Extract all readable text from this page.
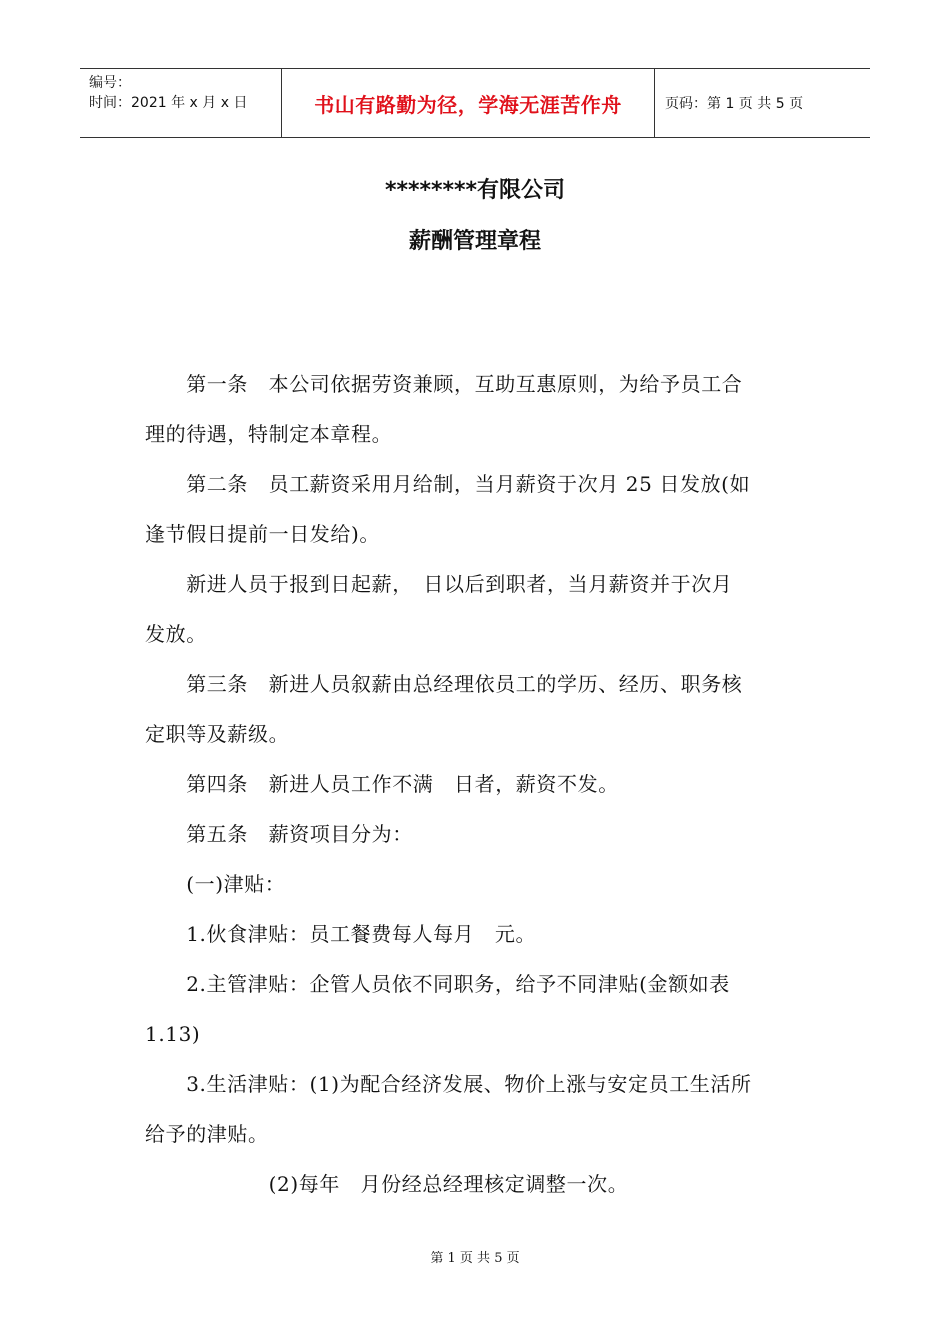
编号：
时间：2021 年 x 月 x 日	书山有路勤为径，学海无涯苦作舟	页码：第 1 页 共 5 页
********有限公司
薪酬管理章程
　　第一条　本公司依据劳资兼顾，互助互惠原则，为给予员工合
理的待遇，特制定本章程。
　　第二条　员工薪资采用月给制，当月薪资于次月 25 日发放(如
逢节假日提前一日发给)。
　　新进人员于报到日起薪，　日以后到职者，当月薪资并于次月
发放。
　　第三条　新进人员叙薪由总经理依员工的学历、经历、职务核
定职等及薪级。
　　第四条　新进人员工作不满　日者，薪资不发。
　　第五条　薪资项目分为：
　　(一)津贴：
　　1.伙食津贴：员工餐费每人每月　元。
　　2.主管津贴：企管人员依不同职务，给予不同津贴(金额如表
1.13)
　　3.生活津贴：(1)为配合经济发展、物价上涨与安定员工生活所
给予的津贴。
　　　　　　(2)每年　月份经总经理核定调整一次。
第 1 页 共 5 页
